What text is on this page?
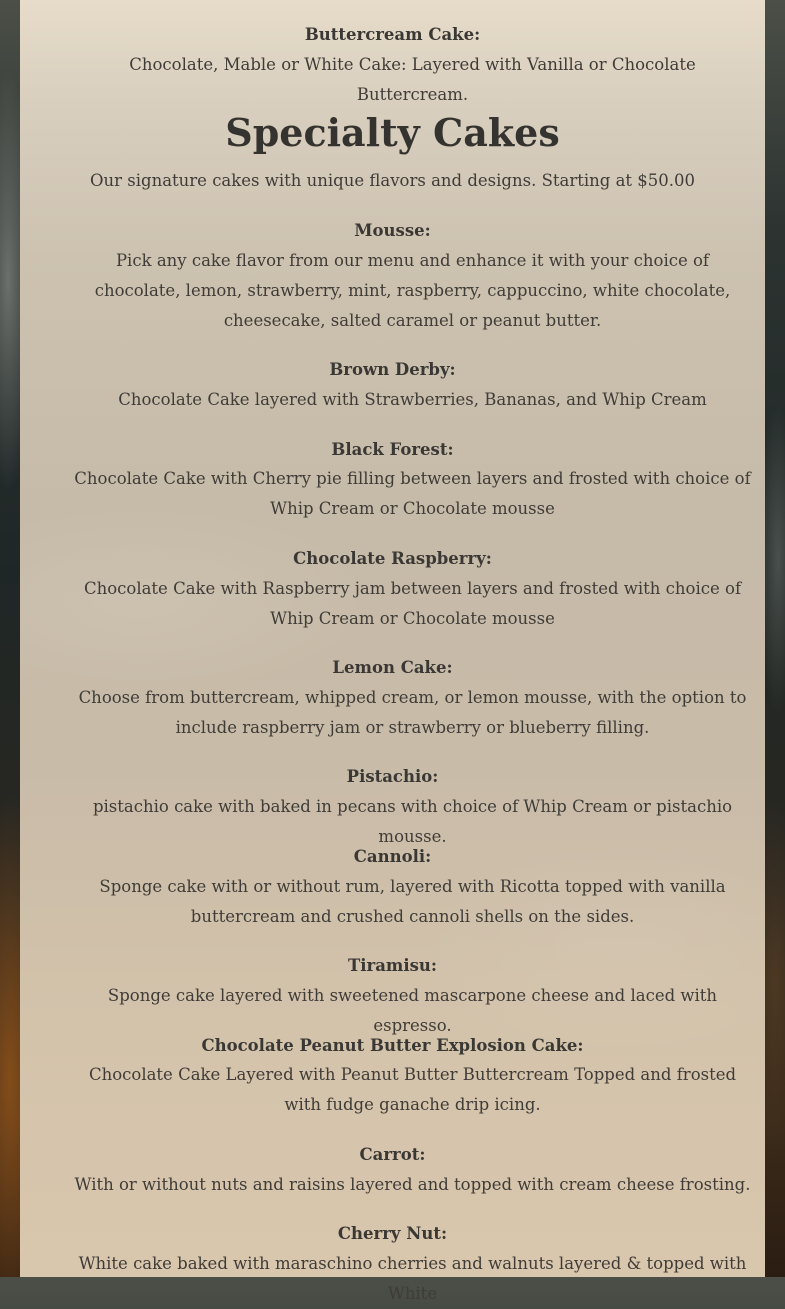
Buttercream Cake:
Chocolate, Mable or White Cake: Layered with Vanilla or Chocolate Buttercream.
Specialty Cakes
Our signature cakes with unique flavors and designs. Starting at $50.00
Mousse:
Pick any cake flavor from our menu and enhance it with your choice of chocolate, lemon, strawberry, mint, raspberry, cappuccino, white chocolate, cheesecake, salted caramel or peanut butter.
Brown Derby:
Chocolate Cake layered with Strawberries, Bananas, and Whip Cream
Black Forest:
Chocolate Cake with Cherry pie filling between layers and frosted with choice of Whip Cream or Chocolate mousse
Chocolate Raspberry:
Chocolate Cake with Raspberry jam between layers and frosted with choice of Whip Cream or Chocolate mousse
Lemon Cake:
Choose from buttercream, whipped cream, or lemon mousse, with the option to include raspberry jam or strawberry or blueberry filling.
Pistachio:
pistachio cake with baked in pecans with choice of Whip Cream or pistachio mousse.
Cannoli:
Sponge cake with or without rum, layered with Ricotta topped with vanilla buttercream and crushed cannoli shells on the sides.
Tiramisu:
Sponge cake layered with sweetened mascarpone cheese and laced with espresso.
Chocolate Peanut Butter Explosion Cake:
Chocolate Cake Layered with Peanut Butter Buttercream Topped and frosted with fudge ganache drip icing.
Carrot:
With or without nuts and raisins layered and topped with cream cheese frosting.
Cherry Nut:
White cake baked with maraschino cherries and walnuts layered & topped with White
